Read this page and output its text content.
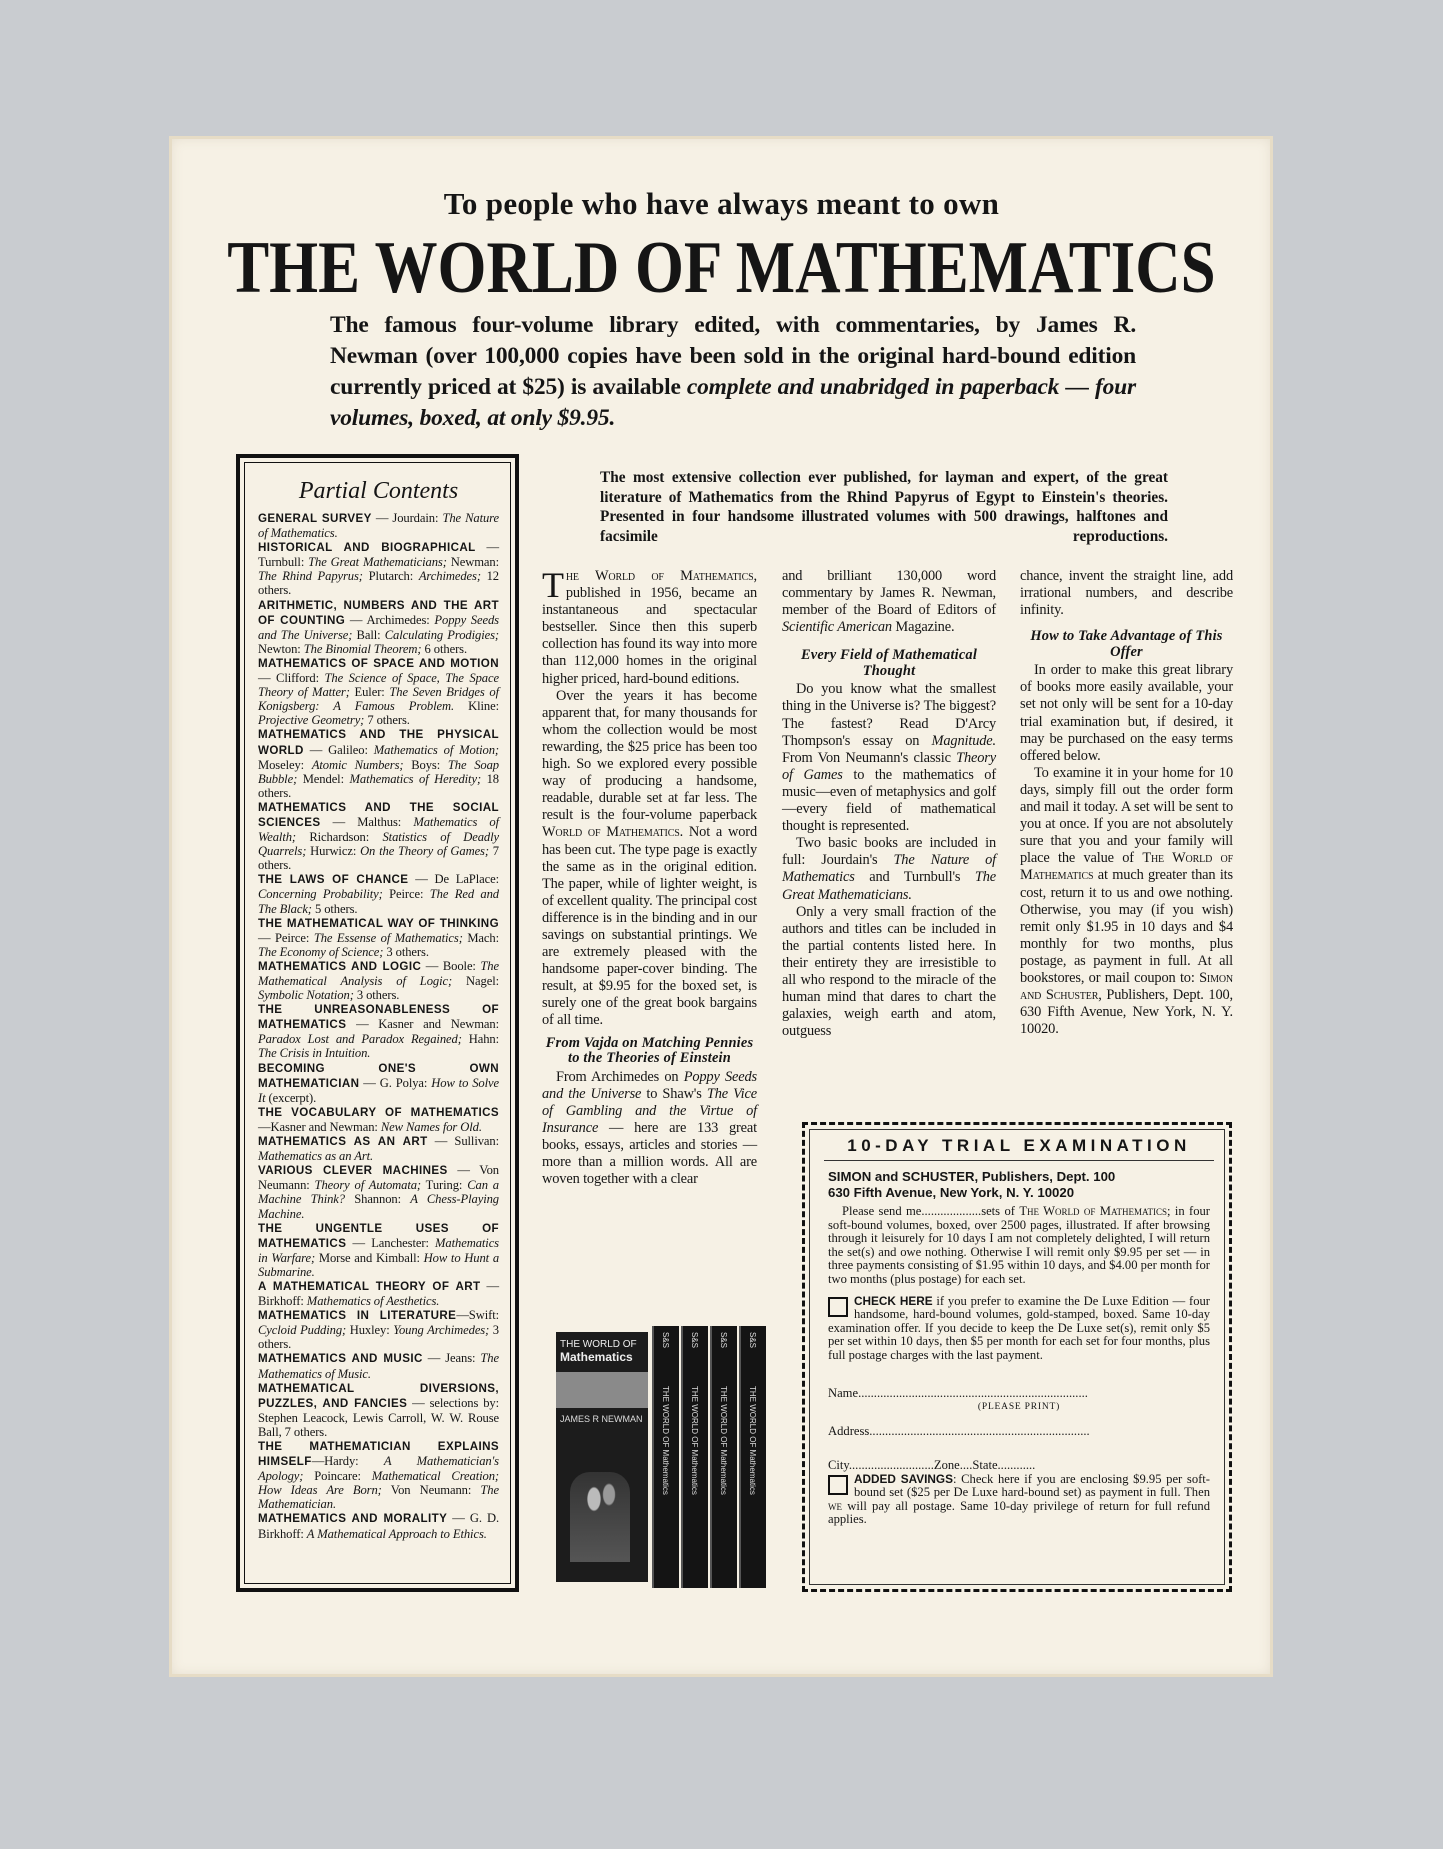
To people who have always meant to own
THE WORLD OF MATHEMATICS
The famous four-volume library edited, with commentaries, by James R. Newman (over 100,000 copies have been sold in the original hard-bound edition currently priced at $25) is available complete and unabridged in paperback — four volumes, boxed, at only $9.95.
Partial Contents

GENERAL SURVEY — Jourdain: The Nature of Mathematics.

HISTORICAL AND BIOGRAPHICAL — Turnbull: The Great Mathematicians; Newman: The Rhind Papyrus; Plutarch: Archimedes; 12 others.

ARITHMETIC, NUMBERS AND THE ART OF COUNTING — Archimedes: Poppy Seeds and The Universe; Ball: Calculating Prodigies; Newton: The Binomial Theorem; 6 others.

MATHEMATICS OF SPACE AND MOTION — Clifford: The Science of Space, The Space Theory of Matter; Euler: The Seven Bridges of Konigsberg: A Famous Problem. Kline: Projective Geometry; 7 others.

MATHEMATICS AND THE PHYSICAL WORLD — Galileo: Mathematics of Motion; Moseley: Atomic Numbers; Boys: The Soap Bubble; Mendel: Mathematics of Heredity; 18 others.

MATHEMATICS AND THE SOCIAL SCIENCES — Malthus: Mathematics of Wealth; Richardson: Statistics of Deadly Quarrels; Hurwicz: On the Theory of Games; 7 others.

THE LAWS OF CHANCE — De LaPlace: Concerning Probability; Peirce: The Red and The Black; 5 others.

THE MATHEMATICAL WAY OF THINKING — Peirce: The Essense of Mathematics; Mach: The Economy of Science; 3 others.

MATHEMATICS AND LOGIC — Boole: The Mathematical Analysis of Logic; Nagel: Symbolic Notation; 3 others.

THE UNREASONABLENESS OF MATHEMATICS — Kasner and Newman: Paradox Lost and Paradox Regained; Hahn: The Crisis in Intuition.

BECOMING ONE'S OWN MATHEMATICIAN — G. Polya: How to Solve It (excerpt).

THE VOCABULARY OF MATHEMATICS —Kasner and Newman: New Names for Old.

MATHEMATICS AS AN ART — Sullivan: Mathematics as an Art.

VARIOUS CLEVER MACHINES — Von Neumann: Theory of Automata; Turing: Can a Machine Think? Shannon: A Chess-Playing Machine.

THE UNGENTLE USES OF MATHEMATICS — Lanchester: Mathematics in Warfare; Morse and Kimball: How to Hunt a Submarine.

A MATHEMATICAL THEORY OF ART — Birkhoff: Mathematics of Aesthetics.

MATHEMATICS IN LITERATURE—Swift: Cycloid Pudding; Huxley: Young Archimedes; 3 others.

MATHEMATICS AND MUSIC — Jeans: The Mathematics of Music.

MATHEMATICAL DIVERSIONS, PUZZLES, AND FANCIES — selections by: Stephen Leacock, Lewis Carroll, W. W. Rouse Ball, 7 others.

THE MATHEMATICIAN EXPLAINS HIMSELF—Hardy: A Mathematician's Apology; Poincare: Mathematical Creation; How Ideas Are Born; Von Neumann: The Mathematician.

MATHEMATICS AND MORALITY — G. D. Birkhoff: A Mathematical Approach to Ethics.

The most extensive collection ever published, for layman and expert, of the great literature of Mathematics from the Rhind Papyrus of Egypt to Einstein's theories. Presented in four handsome illustrated volumes with 500 drawings, halftones and facsimile reproductions.

The World of Mathematics, published in 1956, became an instantaneous and spectacular bestseller. Since then this superb collection has found its way into more than 112,000 homes in the original higher priced, hard-bound editions.

Over the years it has become apparent that, for many thousands for whom the collection would be most rewarding, the $25 price has been too high. So we explored every possible way of producing a handsome, readable, durable set at far less. The result is the four-volume paperback World of Mathematics. Not a word has been cut. The type page is exactly the same as in the original edition. The paper, while of lighter weight, is of excellent quality. The principal cost difference is in the binding and in our savings on substantial printings. We are extremely pleased with the handsome paper-cover binding. The result, at $9.95 for the boxed set, is surely one of the great book bargains of all time.

From Vajda on Matching Pennies to the Theories of Einstein

From Archimedes on Poppy Seeds and the Universe to Shaw's The Vice of Gambling and the Virtue of Insurance — here are 133 great books, essays, articles and stories — more than a million words. All are woven together with a clear

and brilliant 130,000 word commentary by James R. Newman, member of the Board of Editors of Scientific American Magazine.

Every Field of Mathematical Thought

Do you know what the smallest thing in the Universe is? The biggest? The fastest? Read D'Arcy Thompson's essay on Magnitude. From Von Neumann's classic Theory of Games to the mathematics of music—even of metaphysics and golf—every field of mathematical thought is represented.

Two basic books are included in full: Jourdain's The Nature of Mathematics and Turnbull's The Great Mathematicians.

Only a very small fraction of the authors and titles can be included in the partial contents listed here. In their entirety they are irresistible to all who respond to the miracle of the human mind that dares to chart the galaxies, weigh earth and atom, outguess

chance, invent the straight line, add irrational numbers, and describe infinity.

How to Take Advantage of This Offer

In order to make this great library of books more easily available, your set not only will be sent for a 10-day trial examination but, if desired, it may be purchased on the easy terms offered below.

To examine it in your home for 10 days, simply fill out the order form and mail it today. A set will be sent to you at once. If you are not absolutely sure that you and your family will place the value of The World of Mathematics at much greater than its cost, return it to us and owe nothing. Otherwise, you may (if you wish) remit only $1.95 in 10 days and $4 monthly for two months, plus postage, as payment in full. At all bookstores, or mail coupon to: Simon and Schuster, Publishers, Dept. 100, 630 Fifth Avenue, New York, N. Y. 10020.

THE WORLD OF
Mathematics
JAMES R NEWMAN
S&S
THE WORLD OF Mathematics
S&S
THE WORLD OF Mathematics
S&S
THE WORLD OF Mathematics
S&S
THE WORLD OF Mathematics
10-DAY TRIAL EXAMINATION
SIMON and SCHUSTER, Publishers, Dept. 100
630 Fifth Avenue, New York, N. Y. 10020

Please send me...................sets of The World of Mathematics; in four soft-bound volumes, boxed, over 2500 pages, illustrated. If after browsing through it leisurely for 10 days I am not completely delighted, I will return the set(s) and owe nothing. Otherwise I will remit only $9.95 per set — in three payments consisting of $1.95 within 10 days, and $4.00 per month for two months (plus postage) for each set.

CHECK HERE if you prefer to examine the De Luxe Edition — four handsome, hard-bound volumes, gold-stamped, boxed. Same 10-day examination offer. If you decide to keep the De Luxe set(s), remit only $5 per set within 10 days, then $5 per month for each set for four months, plus full postage charges with the last payment.

Name.........................................................................
(PLEASE PRINT)
Address......................................................................
City...........................Zone....State............
ADDED SAVINGS: Check here if you are enclosing $9.95 per soft-bound set ($25 per De Luxe hard-bound set) as payment in full. Then we will pay all postage. Same 10-day privilege of return for full refund applies.
